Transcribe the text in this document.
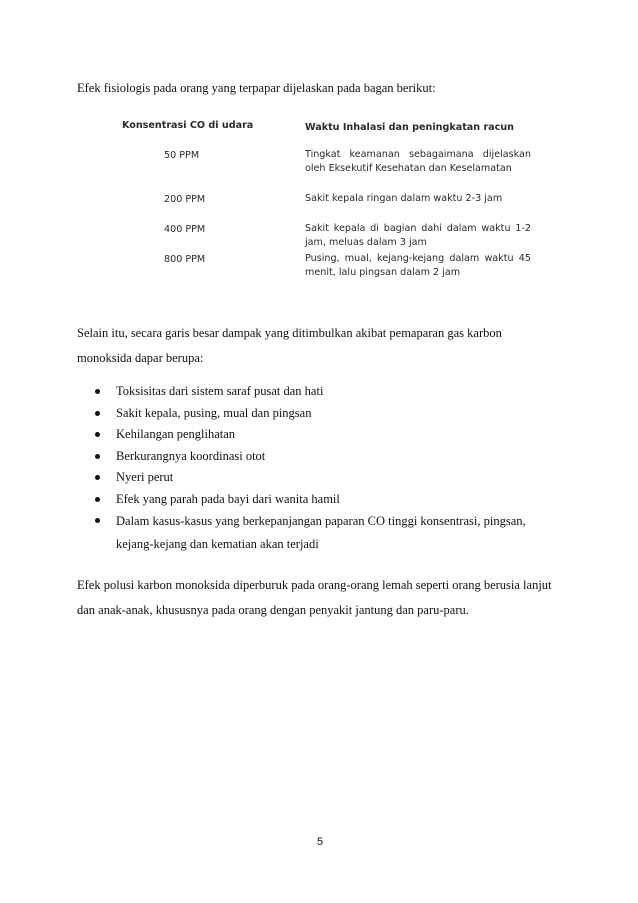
Efek fisiologis pada orang yang terpapar dijelaskan pada bagan berikut:
Konsentrasi CO di udara	Waktu Inhalasi dan peningkatan racun
50 PPM	Tingkat keamanan sebagaimana dijelaskan oleh Eksekutif Kesehatan dan Keselamatan
200 PPM	Sakit kepala ringan dalam waktu 2-3 jam
400 PPM	Sakit kepala di bagian dahi dalam waktu 1-2 jam, meluas dalam 3 jam
800 PPM	Pusing, mual, kejang-kejang dalam waktu 45 menit, lalu pingsan dalam 2 jam

Selain itu, secara garis besar dampak yang ditimbulkan akibat pemaparan gas karbon monoksida dapar berupa:

Toksisitas dari sistem saraf pusat dan hati
Sakit kepala, pusing, mual dan pingsan
Kehilangan penglihatan
Berkurangnya koordinasi otot
Nyeri perut
Efek yang parah pada bayi dari wanita hamil
Dalam kasus-kasus yang berkepanjangan paparan CO tinggi konsentrasi, pingsan, kejang-kejang dan kematian akan terjadi

Efek polusi karbon monoksida diperburuk pada orang-orang lemah seperti orang berusia lanjut dan anak-anak, khususnya pada orang dengan penyakit jantung dan paru-paru.

5
